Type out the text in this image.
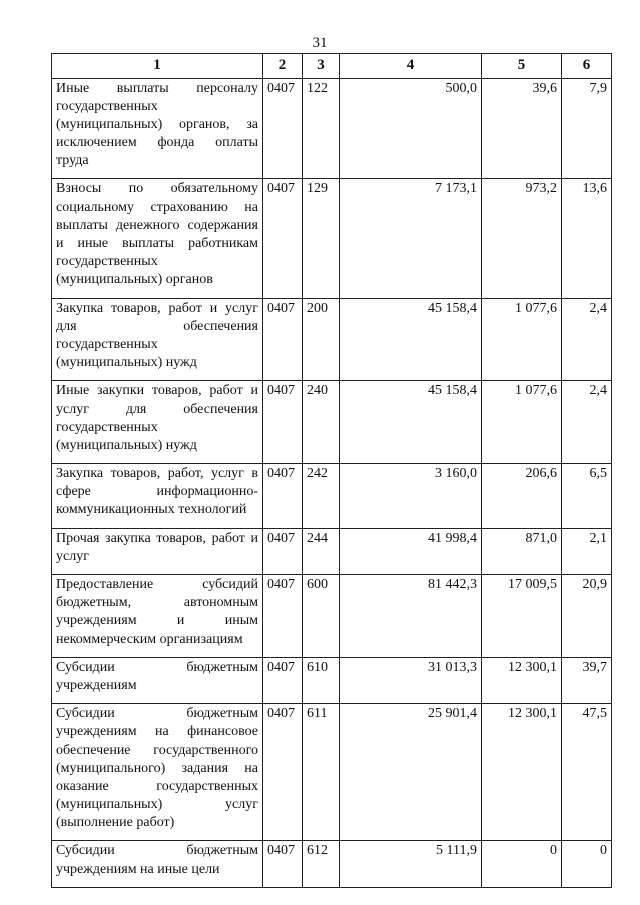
31
1	2	3	4	5	6
Иные выплаты персоналу государственных (муниципальных) органов, за исключением фонда оплаты труда	0407	122	500,0	39,6	7,9
Взносы по обязательному социальному страхованию на выплаты денежного содержания и иные выплаты работникам государственных (муниципальных) органов	0407	129	7 173,1	973,2	13,6
Закупка товаров, работ и услуг для обеспечения государственных (муниципальных) нужд	0407	200	45 158,4	1 077,6	2,4
Иные закупки товаров, работ и услуг для обеспечения государственных (муниципальных) нужд	0407	240	45 158,4	1 077,6	2,4
Закупка товаров, работ, услуг в сфере информационно-коммуникационных технологий	0407	242	3 160,0	206,6	6,5
Прочая закупка товаров, работ и услуг	0407	244	41 998,4	871,0	2,1
Предоставление субсидий бюджетным, автономным учреждениям и иным некоммерческим организациям	0407	600	81 442,3	17 009,5	20,9
Субсидии бюджетным учреждениям	0407	610	31 013,3	12 300,1	39,7
Субсидии бюджетным учреждениям на финансовое обеспечение государственного (муниципального) задания на оказание государственных (муниципальных) услуг (выполнение работ)	0407	611	25 901,4	12 300,1	47,5
Субсидии бюджетным учреждениям на иные цели	0407	612	5 111,9	0	0
